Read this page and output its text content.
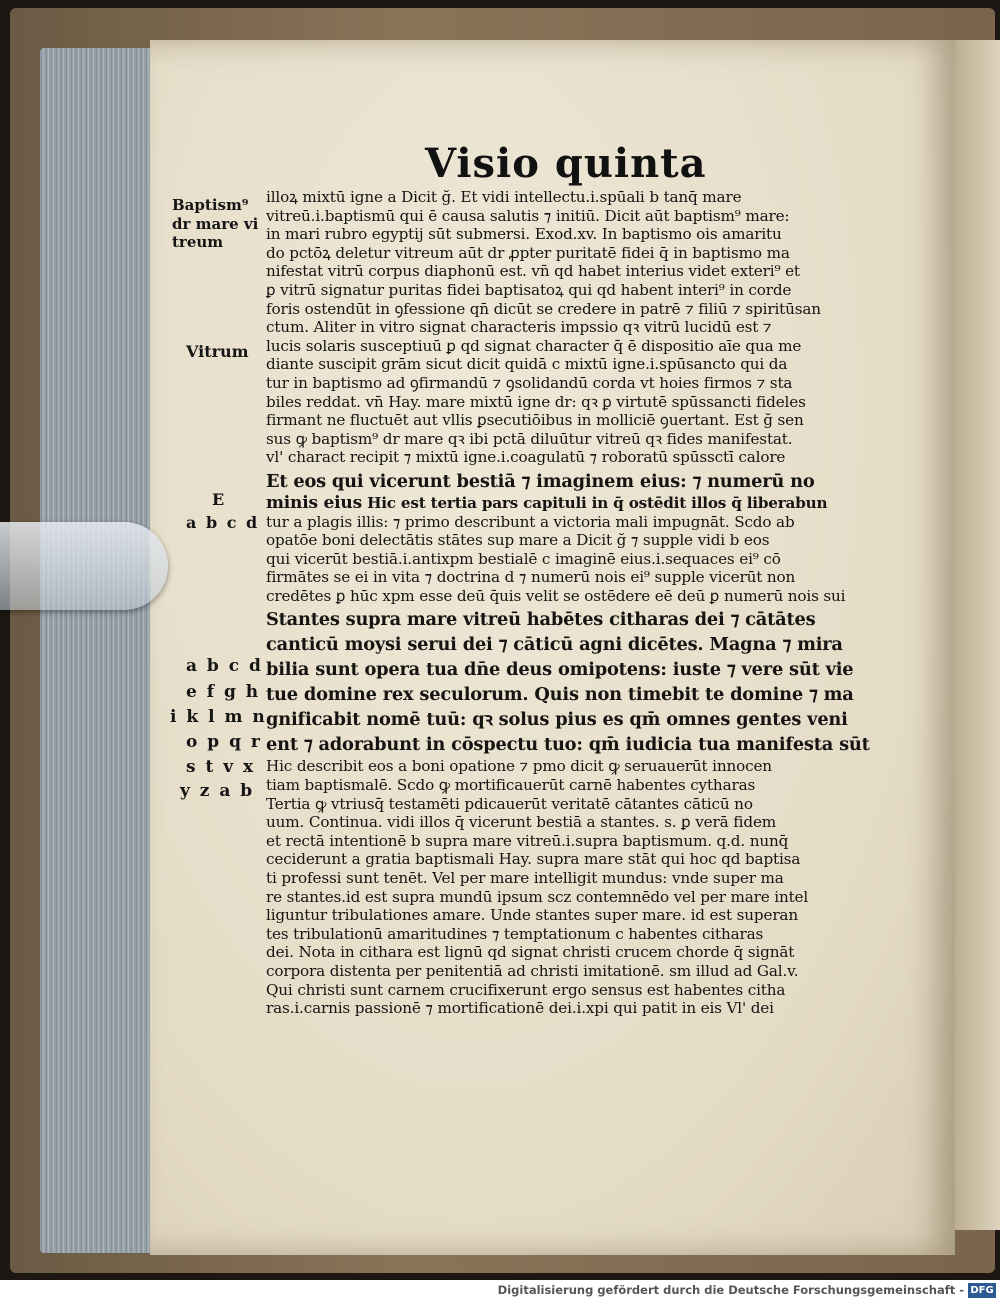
Visio quinta
Baptism⁹
dr mare vi
treum
Vitrum
E
a b c d
a b c d
e f g h
i k l m n
o p q r
s t v x
y z a b
illoꝝ mixtū igne a Dicit ğ. Et vidi intellectu.i.spūali b tanq̄ mare
vitreū.i.baptismū qui ē causa salutis ⁊ initiū. Dicit aūt baptism⁹ mare:
in mari rubro egyptij sūt submersi. Exod.xv. In baptismo ois amaritu
do pctōꝝ deletur vitreum aūt dr ꝓpter puritatē fidei q̄ in baptismo ma
nifestat vitrū corpus diaphonū est. vn̄ qd habet interius videt exteri⁹ et
ꝑ vitrū signatur puritas fidei baptisatoꝝ qui qd habent interi⁹ in corde
foris ostendūt in ꝯfessione qn̄ dicūt se credere in patrē ⁊ filiū ⁊ spiritūsan
ctum. Aliter in vitro signat characteris impssio qꝛ vitrū lucidū est ⁊
lucis solaris susceptiuū ꝑ qd signat character q̄ ē dispositio aīe qua me
diante suscipit grām sicut dicit quidā c mixtū igne.i.spūsancto qui da
tur in baptismo ad ꝯfirmandū ⁊ ꝯsolidandū corda vt hoies firmos ⁊ sta
biles reddat. vn̄ Hay. mare mixtū igne dr: qꝛ ꝑ virtutē spūssancti fideles
firmant ne fluctuēt aut vllis ꝑsecutiōibus in molliciē ꝯuertant. Est ğ sen
sus ꝙ baptism⁹ dr mare qꝛ ibi pctā diluūtur vitreū qꝛ fides manifestat.
vl' charact recipit ⁊ mixtū igne.i.coagulatū ⁊ roboratū spūssctī calore
Et eos qui vicerunt bestiā ⁊ imaginem eius: ⁊ numerū no
minis eius Hic est tertia pars capituli in q̄ ostēdit illos q̄ liberabun
tur a plagis illis: ⁊ primo describunt a victoria mali impugnāt. Scdo ab
opatōe boni delectātis stātes sup mare a Dicit ğ ⁊ supple vidi b eos
qui vicerūt bestiā.i.antixpm bestialē c imaginē eius.i.sequaces ei⁹ cō
firmātes se ei in vita ⁊ doctrina d ⁊ numerū nois ei⁹ supple vicerūt non
credētes ꝑ hūc xpm esse deū q̄uis velit se ostēdere eē deū ꝑ numerū nois sui
Stantes supra mare vitreū habētes citharas dei ⁊ cātātes
canticū moysi serui dei ⁊ cāticū agni dicētes. Magna ⁊ mira
bilia sunt opera tua dn̄e deus omipotens: iuste ⁊ vere sūt vie
tue domine rex seculorum. Quis non timebit te domine ⁊ ma
gnificabit nomē tuū: qꝛ solus pius es qm̄ omnes gentes veni
ent ⁊ adorabunt in cōspectu tuo: qm̄ iudicia tua manifesta sūt
Hic describit eos a boni opatione ⁊ pmo dicit ꝙ seruauerūt innocen
tiam baptismalē. Scdo ꝙ mortificauerūt carnē habentes cytharas
Tertia ꝙ vtriusq̄ testamēti pdicauerūt veritatē cātantes cāticū no
uum. Continua. vidi illos q̄ vicerunt bestiā a stantes. s. ꝑ verā fidem
et rectā intentionē b supra mare vitreū.i.supra baptismum. q.d. nunq̄
ceciderunt a gratia baptismali Hay. supra mare stāt qui hoc qd baptisa
ti professi sunt tenēt. Vel per mare intelligit mundus: vnde super ma
re stantes.id est supra mundū ipsum scz contemnēdo vel per mare intel
liguntur tribulationes amare. Unde stantes super mare. id est superan
tes tribulationū amaritudines ⁊ temptationum c habentes citharas
dei. Nota in cithara est lignū qd signat christi crucem chorde q̄ signāt
corpora distenta per penitentiā ad christi imitationē. sm illud ad Gal.v.
Qui christi sunt carnem crucifixerunt ergo sensus est habentes citha
ras.i.carnis passionē ⁊ mortificationē dei.i.xpi qui patit in eis Vl' dei
Digitalisierung gefördert durch die Deutsche Forschungsgemeinschaft - DFG
